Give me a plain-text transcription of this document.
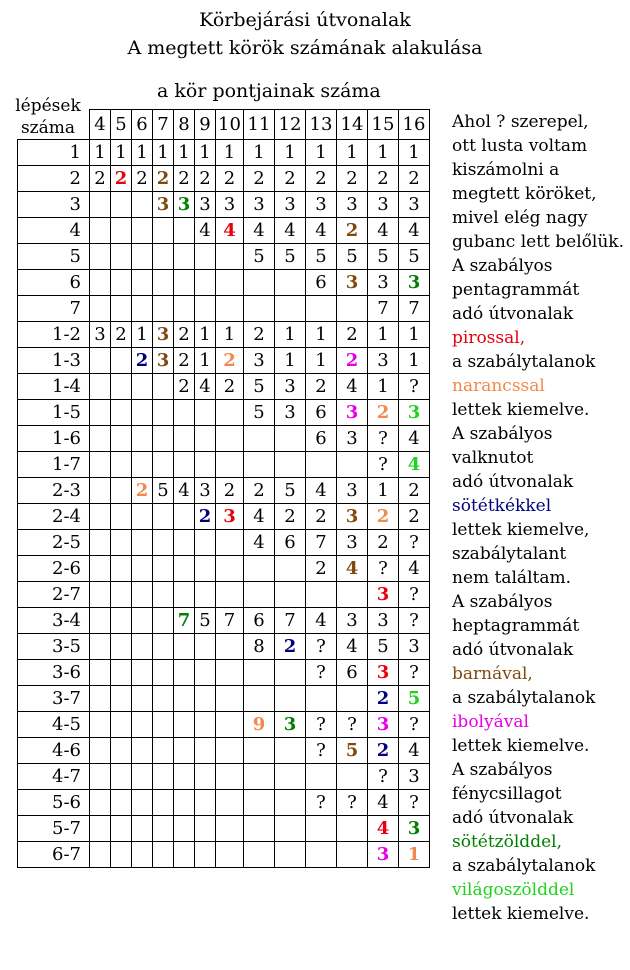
Körbejárási útvonalak
A megtett körök számának alakulása
a kör pontjainak száma
lépések
száma
		4	5	6	7	8	9	10	11	12	13	14	15	16
1	1	1	1	1	1	1	1	1	1	1	1	1	1
2	2	2	2	2	2	2	2	2	2	2	2	2	2
3				3	3	3	3	3	3	3	3	3	3
4						4	4	4	4	4	2	4	4
5								5	5	5	5	5	5
6										6	3	3	3
7												7	7
1-2	3	2	1	3	2	1	1	2	1	1	2	1	1
1-3			2	3	2	1	2	3	1	1	2	3	1
1-4					2	4	2	5	3	2	4	1	?
1-5								5	3	6	3	2	3
1-6										6	3	?	4
1-7												?	4
2-3			2	5	4	3	2	2	5	4	3	1	2
2-4						2	3	4	2	2	3	2	2
2-5								4	6	7	3	2	?
2-6										2	4	?	4
2-7												3	?
3-4					7	5	7	6	7	4	3	3	?
3-5								8	2	?	4	5	3
3-6										?	6	3	?
3-7												2	5
4-5								9	3	?	?	3	?
4-6										?	5	2	4
4-7												?	3
5-6										?	?	4	?
5-7												4	3
6-7												3	1
Ahol ? szerepel,
ott lusta voltam
kiszámolni a
megtett köröket,
mivel elég nagy
gubanc lett belőlük.
A szabályos
pentagrammát
adó útvonalak
pirossal,
a szabálytalanok
narancssal
lettek kiemelve.
A szabályos
valknutot
adó útvonalak
sötétkékkel
lettek kiemelve,
szabálytalant
nem találtam.
A szabályos
heptagrammát
adó útvonalak
barnával,
a szabálytalanok
ibolyával
lettek kiemelve.
A szabályos
fénycsillagot
adó útvonalak
sötétzölddel,
a szabálytalanok
világoszölddel
lettek kiemelve.
